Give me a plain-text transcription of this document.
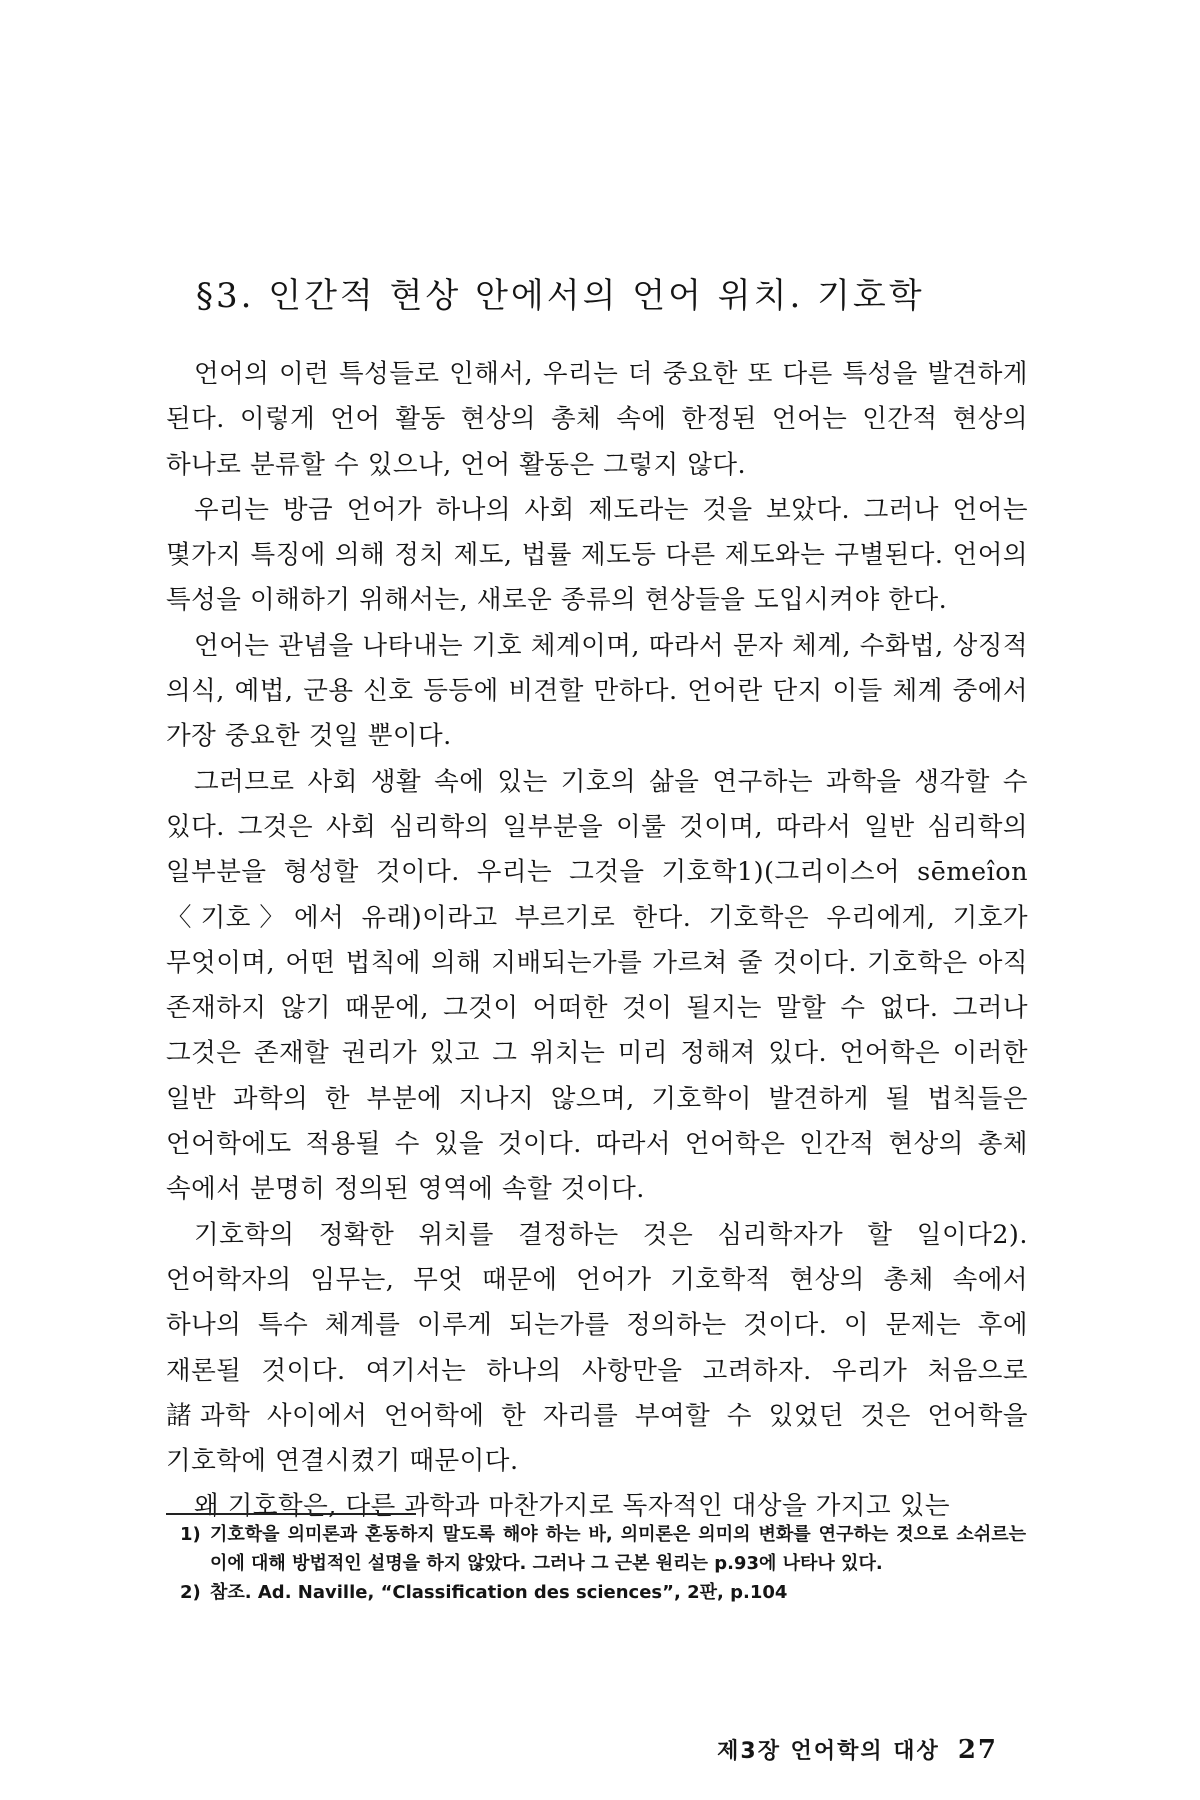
§3. 인간적 현상 안에서의 언어 위치. 기호학

언어의 이런 특성들로 인해서, 우리는 더 중요한 또 다른 특성을 발견하게 된다. 이렇게 언어 활동 현상의 총체 속에 한정된 언어는 인간적 현상의 하나로 분류할 수 있으나, 언어 활동은 그렇지 않다.

우리는 방금 언어가 하나의 사회 제도라는 것을 보았다. 그러나 언어는 몇가지 특징에 의해 정치 제도, 법률 제도등 다른 제도와는 구별된다. 언어의 특성을 이해하기 위해서는, 새로운 종류의 현상들을 도입시켜야 한다.

언어는 관념을 나타내는 기호 체계이며, 따라서 문자 체계, 수화법, 상징적 의식, 예법, 군용 신호 등등에 비견할 만하다. 언어란 단지 이들 체계 중에서 가장 중요한 것일 뿐이다.

그러므로 사회 생활 속에 있는 기호의 삶을 연구하는 과학을 생각할 수 있다. 그것은 사회 심리학의 일부분을 이룰 것이며, 따라서 일반 심리학의 일부분을 형성할 것이다. 우리는 그것을 기호학1)(그리이스어 sēmeîon〈기호〉에서 유래)이라고 부르기로 한다. 기호학은 우리에게, 기호가 무엇이며, 어떤 법칙에 의해 지배되는가를 가르쳐 줄 것이다. 기호학은 아직 존재하지 않기 때문에, 그것이 어떠한 것이 될지는 말할 수 없다. 그러나 그것은 존재할 권리가 있고 그 위치는 미리 정해져 있다. 언어학은 이러한 일반 과학의 한 부분에 지나지 않으며, 기호학이 발견하게 될 법칙들은 언어학에도 적용될 수 있을 것이다. 따라서 언어학은 인간적 현상의 총체 속에서 분명히 정의된 영역에 속할 것이다.

기호학의 정확한 위치를 결정하는 것은 심리학자가 할 일이다2). 언어학자의 임무는, 무엇 때문에 언어가 기호학적 현상의 총체 속에서 하나의 특수 체계를 이루게 되는가를 정의하는 것이다. 이 문제는 후에 재론될 것이다. 여기서는 하나의 사항만을 고려하자. 우리가 처음으로 諸과학 사이에서 언어학에 한 자리를 부여할 수 있었던 것은 언어학을 기호학에 연결시켰기 때문이다.

왜 기호학은, 다른 과학과 마찬가지로 독자적인 대상을 가지고 있는

1) 기호학을 의미론과 혼동하지 말도록 해야 하는 바, 의미론은 의미의 변화를 연구하는 것으로 소쉬르는 이에 대해 방법적인 설명을 하지 않았다. 그러나 그 근본 원리는 p.93에 나타나 있다.
2) 참조. Ad. Naville, “Classification des sciences”, 2판, p.104
제3장 언어학의 대상 27
